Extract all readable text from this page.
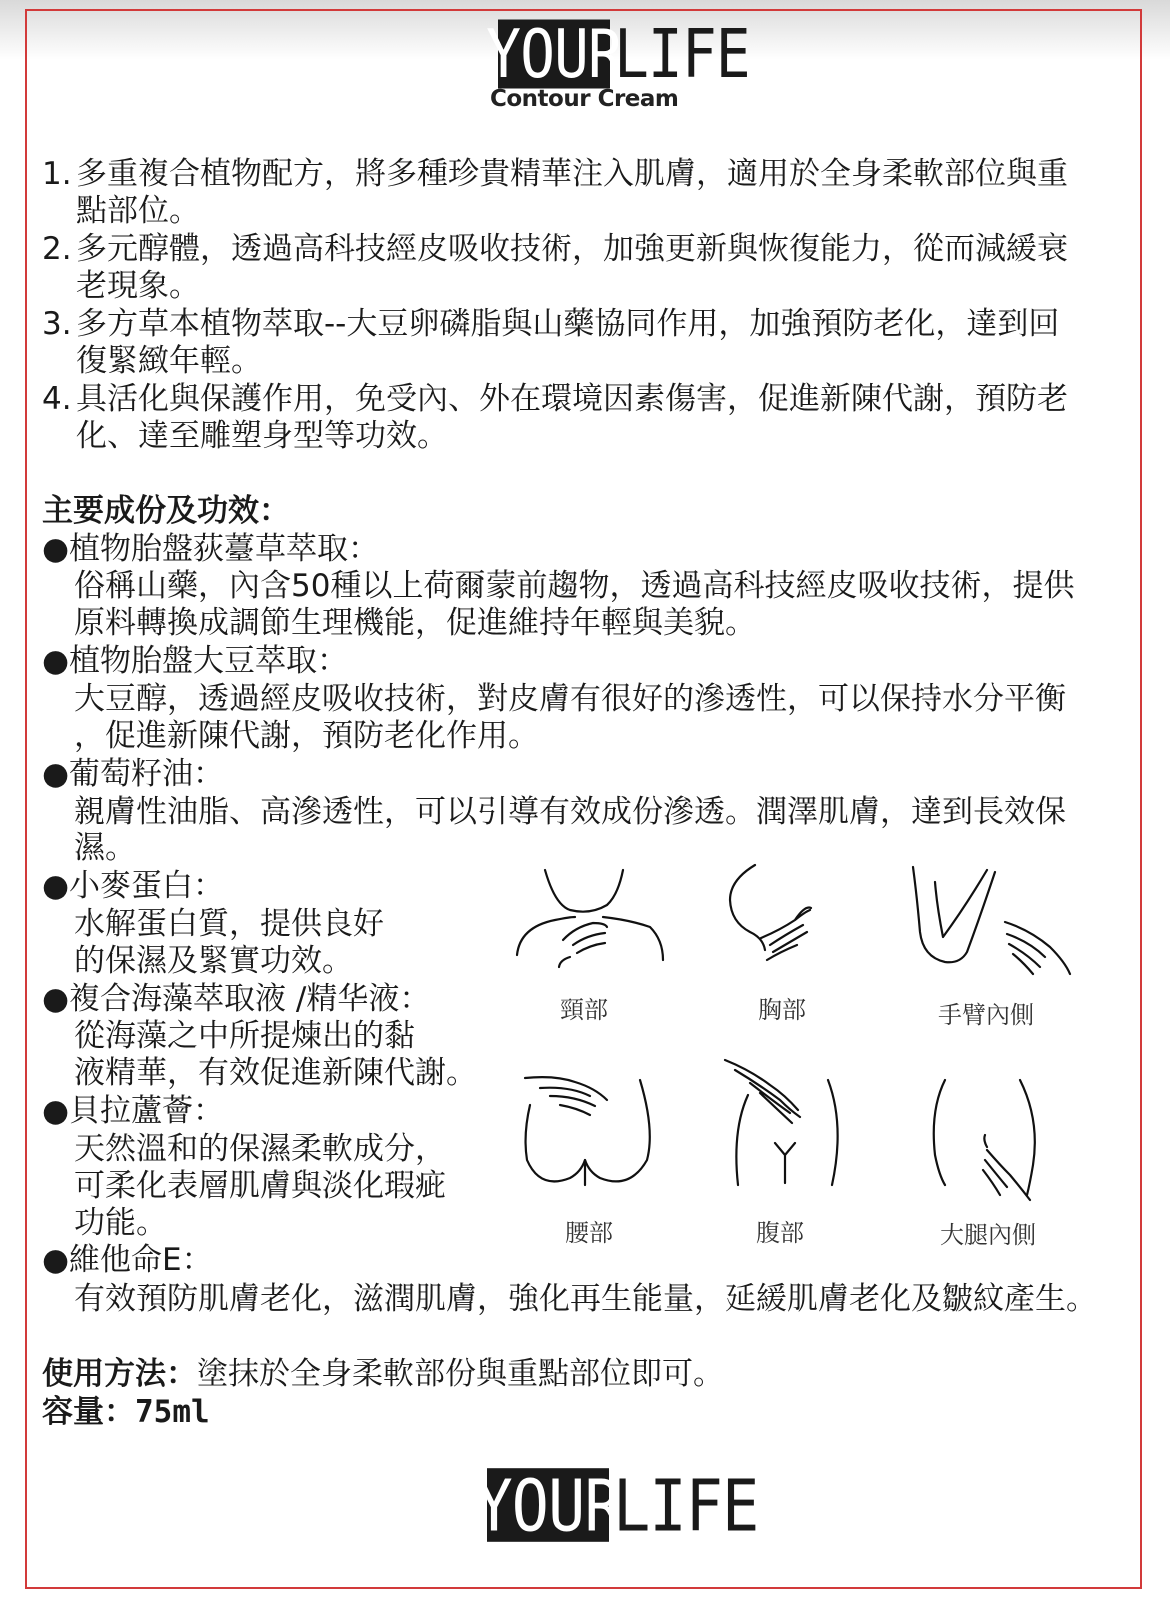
YOUR
LIFE
Contour Cream
1. 多重複合植物配方，將多種珍貴精華注入肌膚，適用於全身柔軟部位與重
點部位。
2. 多元醇體，透過高科技經皮吸收技術，加強更新與恢復能力，從而減緩衰
老現象。
3. 多方草本植物萃取--大豆卵磷脂與山藥協同作用，加強預防老化，達到回
復緊緻年輕。
4. 具活化與保護作用，免受內、外在環境因素傷害，促進新陳代謝，預防老
化、達至雕塑身型等功效。
主要成份及功效：
●植物胎盤荻薹草萃取：
俗稱山藥，內含50種以上荷爾蒙前趨物，透過高科技經皮吸收技術，提供
原料轉換成調節生理機能，促進維持年輕與美貌。
●植物胎盤大豆萃取：
大豆醇，透過經皮吸收技術，對皮膚有很好的滲透性，可以保持水分平衡
，促進新陳代謝，預防老化作用。
●葡萄籽油：
親膚性油脂、高滲透性，可以引導有效成份滲透。潤澤肌膚，達到長效保
濕。
●小麥蛋白：
水解蛋白質，提供良好
的保濕及緊實功效。
●複合海藻萃取液 /精华液：
從海藻之中所提煉出的黏
液精華，有效促進新陳代謝。
●貝拉蘆薈：
天然溫和的保濕柔軟成分，
可柔化表層肌膚與淡化瑕疵
功能。
●維他命E：
有效預防肌膚老化，滋潤肌膚，強化再生能量，延緩肌膚老化及皺紋產生。
頸部	胸部	手臂內側
腰部	腹部	大腿內側
使用方法：塗抹於全身柔軟部份與重點部位即可。
容量：75ml
YOUR
LIFE
